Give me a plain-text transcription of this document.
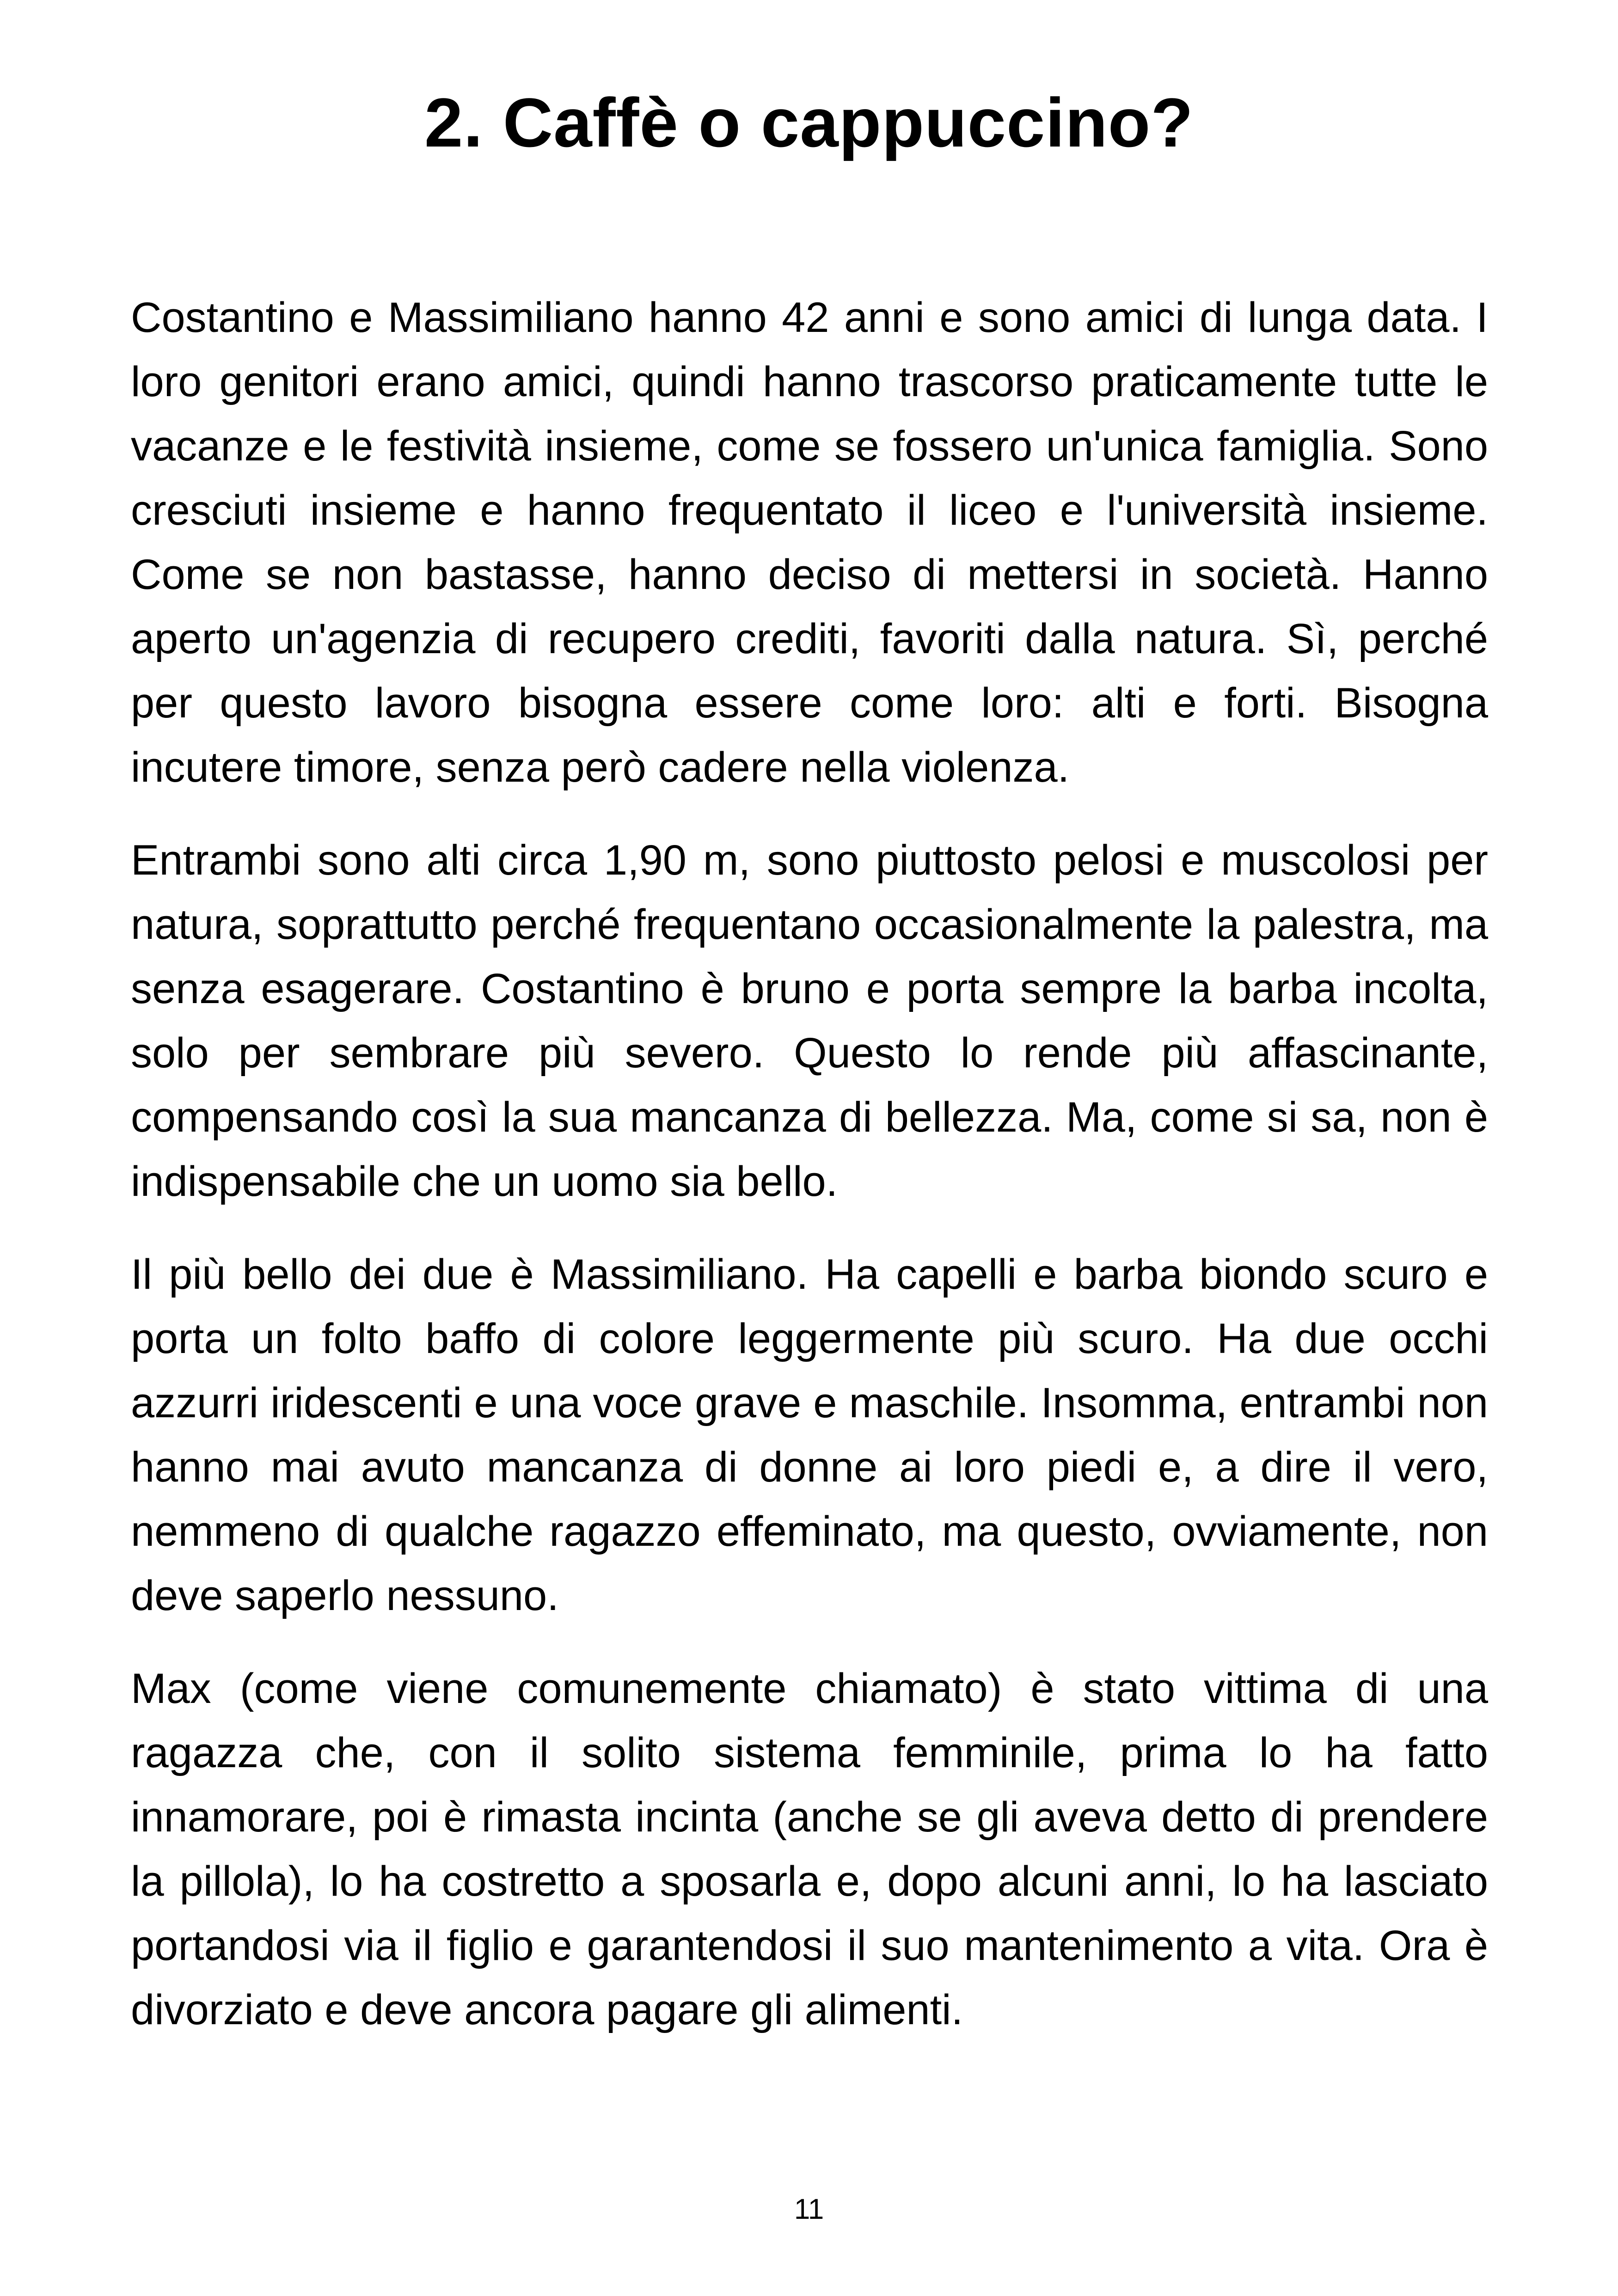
2. Caffè o cappuccino?

Costantino e Massimiliano hanno 42 anni e sono amici di lunga data. I loro genitori erano amici, quindi hanno trascorso praticamente tutte le vacanze e le festività insieme, come se fossero un'unica famiglia. Sono cresciuti insieme e hanno frequentato il liceo e l'università insieme. Come se non bastasse, hanno deciso di mettersi in società. Hanno aperto un'agenzia di recupero crediti, favoriti dalla natura. Sì, perché per questo lavoro bisogna essere come loro: alti e forti. Bisogna incutere timore, senza però cadere nella violenza.

Entrambi sono alti circa 1,90 m, sono piuttosto pelosi e muscolosi per natura, soprattutto perché frequentano occasionalmente la palestra, ma senza esagerare. Costantino è bruno e porta sempre la barba incolta, solo per sembrare più severo. Questo lo rende più affascinante, compensando così la sua mancanza di bellezza. Ma, come si sa, non è indispensabile che un uomo sia bello.

Il più bello dei due è Massimiliano. Ha capelli e barba biondo scuro e porta un folto baffo di colore leggermente più scuro. Ha due occhi azzurri iridescenti e una voce grave e maschile. Insomma, entrambi non hanno mai avuto mancanza di donne ai loro piedi e, a dire il vero, nemmeno di qualche ragazzo effeminato, ma questo, ovviamente, non deve saperlo nessuno.

Max (come viene comunemente chiamato) è stato vittima di una ragazza che, con il solito sistema femminile, prima lo ha fatto innamorare, poi è rimasta incinta (anche se gli aveva detto di prendere la pillola), lo ha costretto a sposarla e, dopo alcuni anni, lo ha lasciato portandosi via il figlio e garantendosi il suo mantenimento a vita. Ora è divorziato e deve ancora pagare gli alimenti.

11
